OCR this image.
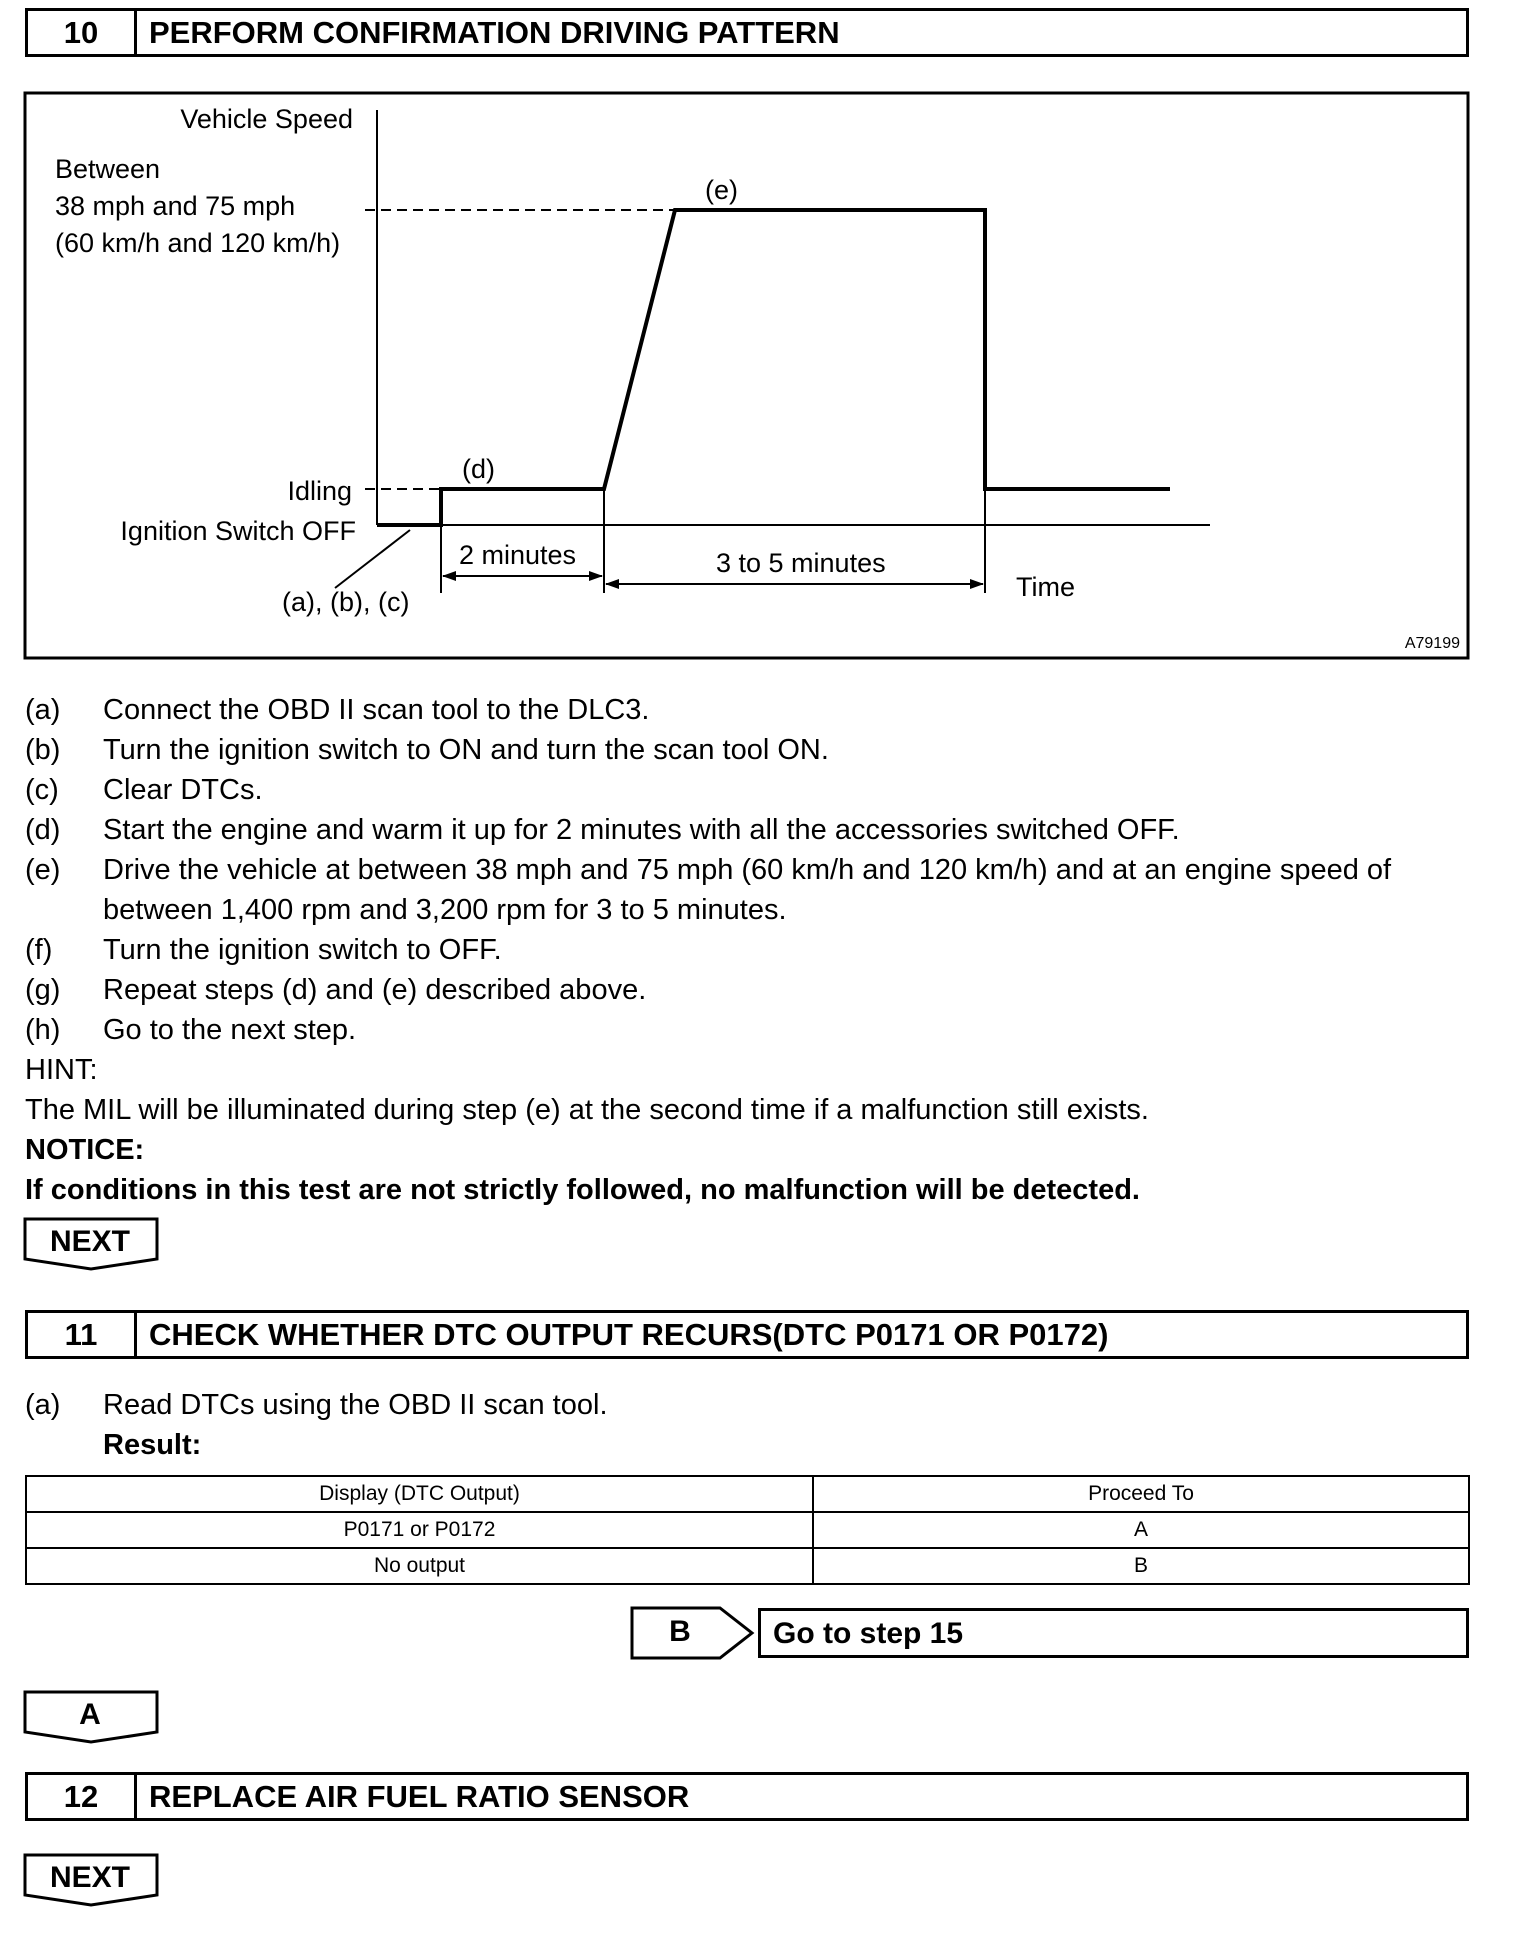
10	PERFORM CONFIRMATION DRIVING PATTERN
Vehicle Speed
Between
38 mph and 75 mph
(60 km/h and 120 km/h)
(e)
(d)
Idling
Ignition Switch OFF
2 minutes	3 to 5 minutes
Time
(a), (b), (c)
A79199
(a) Connect the OBD II scan tool to the DLC3.
(b) Turn the ignition switch to ON and turn the scan tool ON.
(c) Clear DTCs.
(d) Start the engine and warm it up for 2 minutes with all the accessories switched OFF.
(e) Drive the vehicle at between 38 mph and 75 mph (60 km/h and 120 km/h) and at an engine speed of
between 1,400 rpm and 3,200 rpm for 3 to 5 minutes.
(f) Turn the ignition switch to OFF.
(g) Repeat steps (d) and (e) described above.
(h) Go to the next step.
HINT:
The MIL will be illuminated during step (e) at the second time if a malfunction still exists.
NOTICE:
If conditions in this test are not strictly followed, no malfunction will be detected.
NEXT
11	CHECK WHETHER DTC OUTPUT RECURS(DTC P0171 OR P0172)
(a) Read DTCs using the OBD II scan tool.
Result:
Display (DTC Output)	Proceed To
P0171 or P0172	A
No output	B
B	Go to step 15
A
12	REPLACE AIR FUEL RATIO SENSOR
NEXT
